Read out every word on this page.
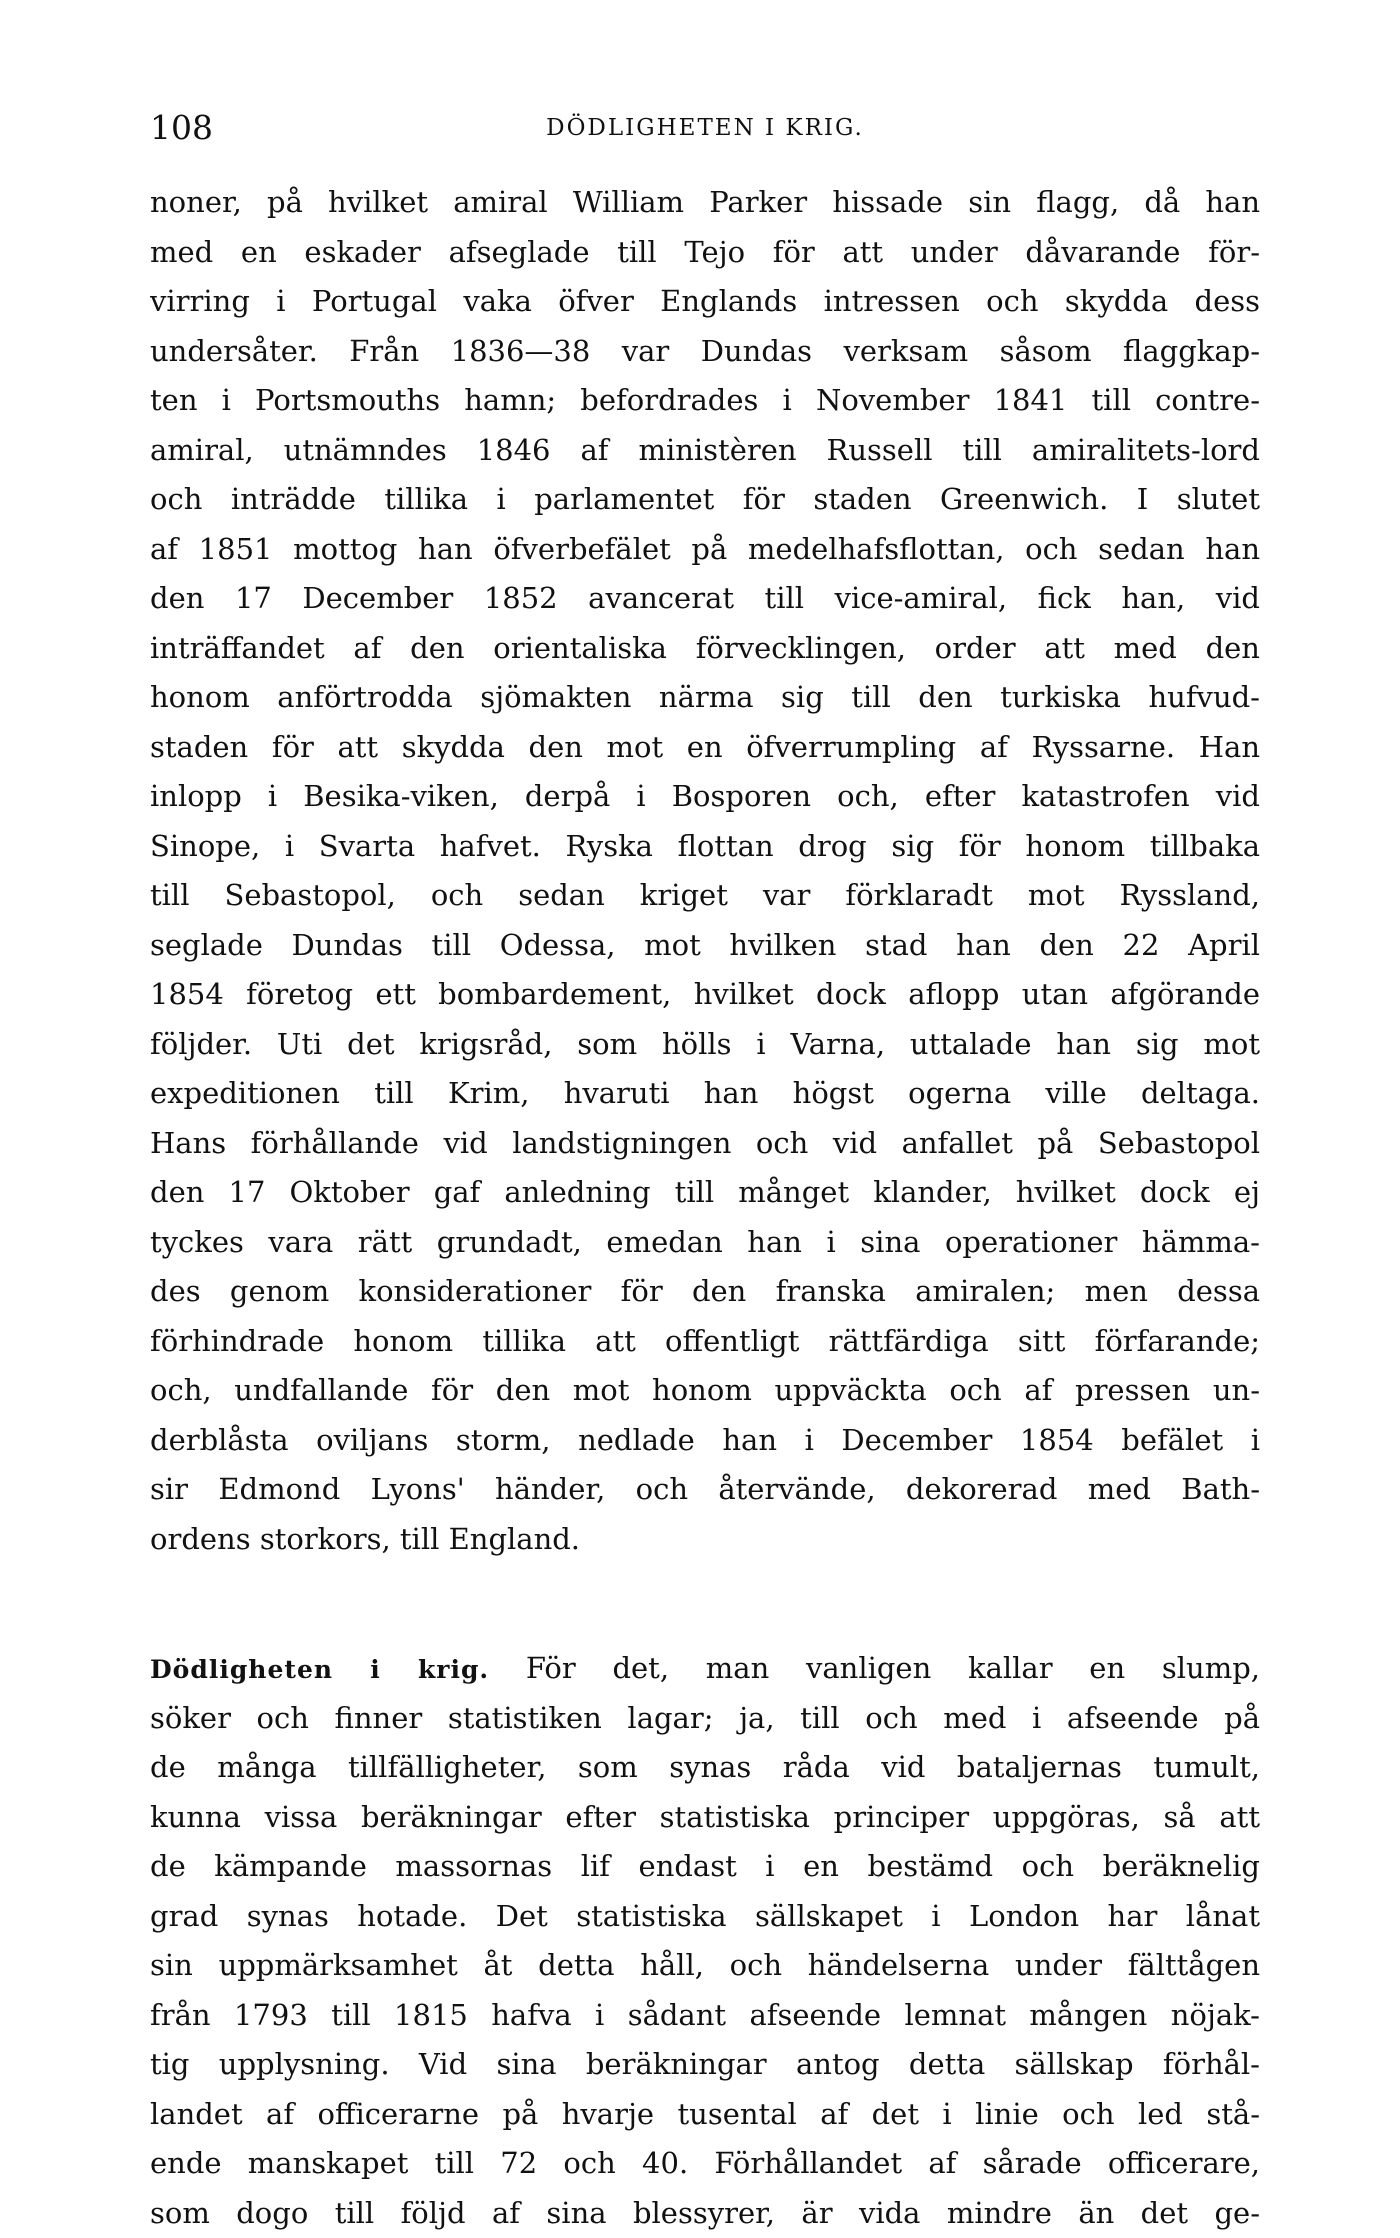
108	DÖDLIGHETEN I KRIG.
noner, på hvilket amiral William Parker hissade sin flagg, då han
med en eskader afseglade till Tejo för att under dåvarande för-
virring i Portugal vaka öfver Englands intressen och skydda dess
undersåter. Från 1836—38 var Dundas verksam såsom flaggkap-
ten i Portsmouths hamn; befordrades i November 1841 till contre-
amiral, utnämndes 1846 af ministèren Russell till amiralitets-lord
och inträdde tillika i parlamentet för staden Greenwich. I slutet
af 1851 mottog han öfverbefälet på medelhafsflottan, och sedan han
den 17 December 1852 avancerat till vice-amiral, fick han, vid
inträffandet af den orientaliska förvecklingen, order att med den
honom anförtrodda sjömakten närma sig till den turkiska hufvud-
staden för att skydda den mot en öfverrumpling af Ryssarne. Han
inlopp i Besika-viken, derpå i Bosporen och, efter katastrofen vid
Sinope, i Svarta hafvet. Ryska flottan drog sig för honom tillbaka
till Sebastopol, och sedan kriget var förklaradt mot Ryssland,
seglade Dundas till Odessa, mot hvilken stad han den 22 April
1854 företog ett bombardement, hvilket dock aflopp utan afgörande
följder. Uti det krigsråd, som hölls i Varna, uttalade han sig mot
expeditionen till Krim, hvaruti han högst ogerna ville deltaga.
Hans förhållande vid landstigningen och vid anfallet på Sebastopol
den 17 Oktober gaf anledning till månget klander, hvilket dock ej
tyckes vara rätt grundadt, emedan han i sina operationer hämma-
des genom konsiderationer för den franska amiralen; men dessa
förhindrade honom tillika att offentligt rättfärdiga sitt förfarande;
och, undfallande för den mot honom uppväckta och af pressen un-
derblåsta oviljans storm, nedlade han i December 1854 befälet i
sir Edmond Lyons' händer, och återvände, dekorerad med Bath-
ordens storkors, till England.
Dödligheten i krig. För det, man vanligen kallar en slump,
söker och finner statistiken lagar; ja, till och med i afseende på
de många tillfälligheter, som synas råda vid bataljernas tumult,
kunna vissa beräkningar efter statistiska principer uppgöras, så att
de kämpande massornas lif endast i en bestämd och beräknelig
grad synas hotade. Det statistiska sällskapet i London har lånat
sin uppmärksamhet åt detta håll, och händelserna under fälttågen
från 1793 till 1815 hafva i sådant afseende lemnat mången nöjak-
tig upplysning. Vid sina beräkningar antog detta sällskap förhål-
landet af officerarne på hvarje tusental af det i linie och led stå-
ende manskapet till 72 och 40. Förhållandet af sårade officerare,
som dogo till följd af sina blessyrer, är vida mindre än det ge-
